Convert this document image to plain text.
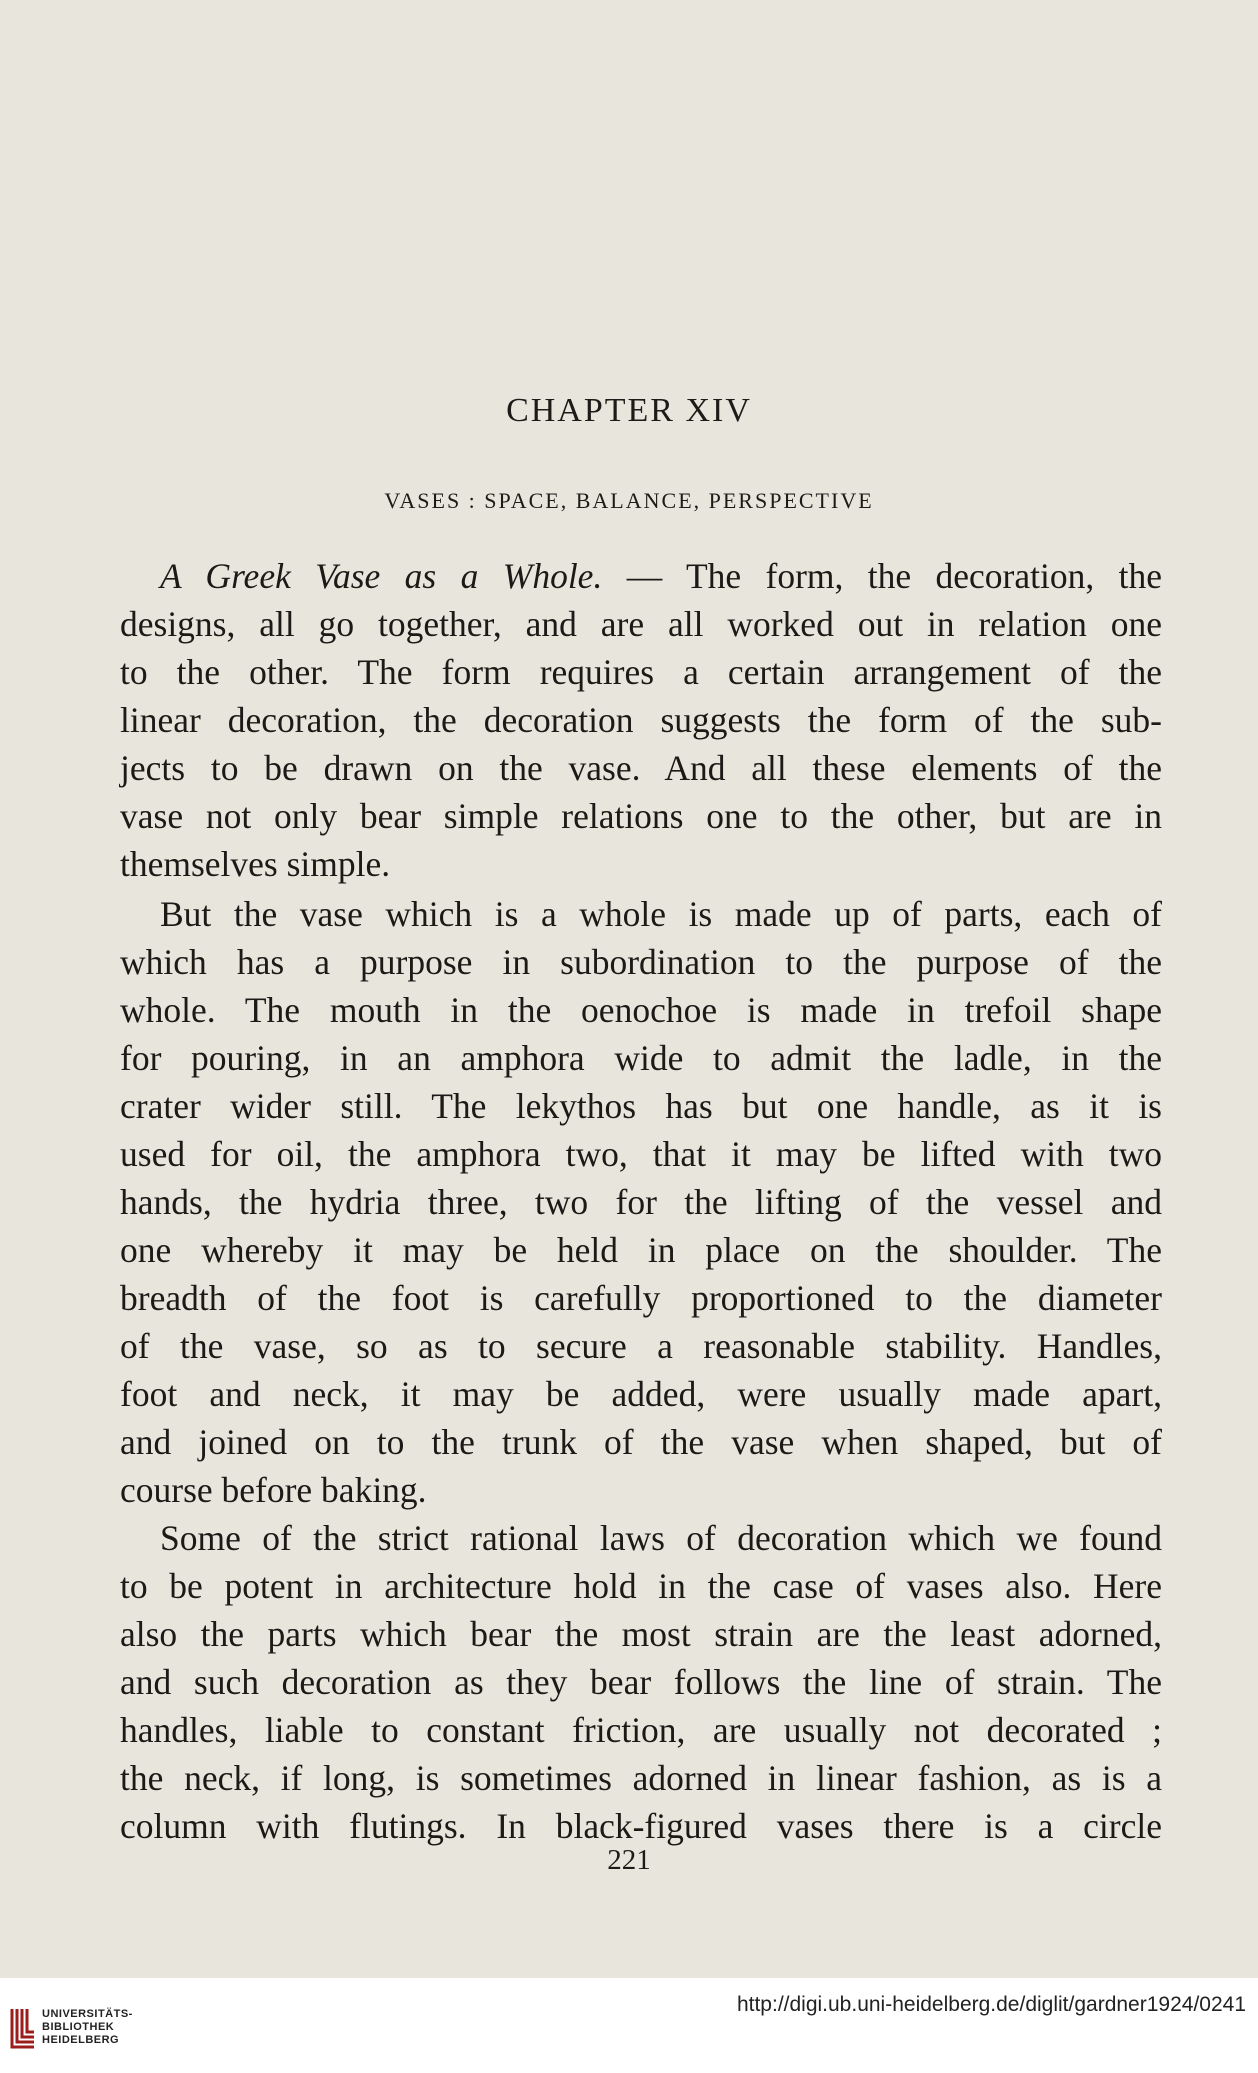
CHAPTER XIV
VASES : SPACE, BALANCE, PERSPECTIVE
A Greek Vase as a Whole. — The form, the decoration, the
designs, all go together, and are all worked out in relation one
to the other. The form requires a certain arrangement of the
linear decoration, the decoration suggests the form of the sub-
jects to be drawn on the vase. And all these elements of the
vase not only bear simple relations one to the other, but are in
themselves simple.
But the vase which is a whole is made up of parts, each of
which has a purpose in subordination to the purpose of the
whole. The mouth in the oenochoe is made in trefoil shape
for pouring, in an amphora wide to admit the ladle, in the
crater wider still. The lekythos has but one handle, as it is
used for oil, the amphora two, that it may be lifted with two
hands, the hydria three, two for the lifting of the vessel and
one whereby it may be held in place on the shoulder. The
breadth of the foot is carefully proportioned to the diameter
of the vase, so as to secure a reasonable stability. Handles,
foot and neck, it may be added, were usually made apart,
and joined on to the trunk of the vase when shaped, but of
course before baking.
Some of the strict rational laws of decoration which we found
to be potent in architecture hold in the case of vases also. Here
also the parts which bear the most strain are the least adorned,
and such decoration as they bear follows the line of strain. The
handles, liable to constant friction, are usually not decorated ;
the neck, if long, is sometimes adorned in linear fashion, as is a
column with flutings. In black-figured vases there is a circle
221
UNIVERSITÄTS-
BIBLIOTHEK
HEIDELBERG
http://digi.ub.uni-heidelberg.de/diglit/gardner1924/0241
